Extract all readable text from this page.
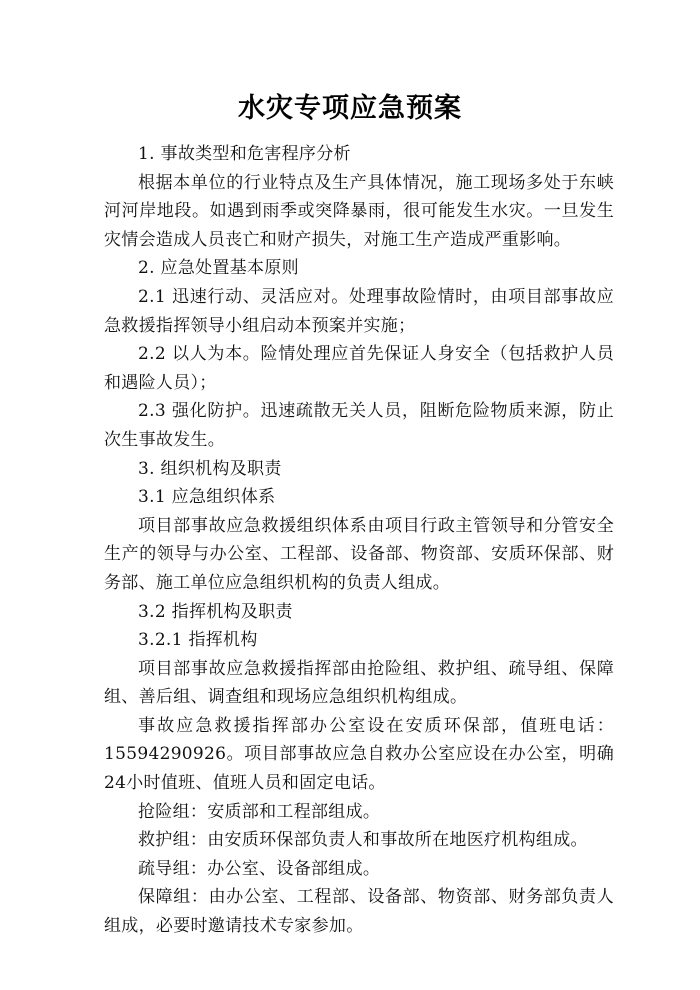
水灾专项应急预案

1. 事故类型和危害程序分析

根据本单位的行业特点及生产具体情况，施工现场多处于东峡河河岸地段。如遇到雨季或突降暴雨，很可能发生水灾。一旦发生灾情会造成人员丧亡和财产损失，对施工生产造成严重影响。

2. 应急处置基本原则

2.1 迅速行动、灵活应对。处理事故险情时，由项目部事故应急救援指挥领导小组启动本预案并实施；

2.2 以人为本。险情处理应首先保证人身安全（包括救护人员和遇险人员）；

2.3 强化防护。迅速疏散无关人员，阻断危险物质来源，防止次生事故发生。

3. 组织机构及职责

3.1 应急组织体系

项目部事故应急救援组织体系由项目行政主管领导和分管安全生产的领导与办公室、工程部、设备部、物资部、安质环保部、财务部、施工单位应急组织机构的负责人组成。

3.2 指挥机构及职责

3.2.1 指挥机构

项目部事故应急救援指挥部由抢险组、救护组、疏导组、保障组、善后组、调查组和现场应急组织机构组成。

事故应急救援指挥部办公室设在安质环保部，值班电话：15594290926。项目部事故应急自救办公室应设在办公室，明确24小时值班、值班人员和固定电话。

抢险组：安质部和工程部组成。

救护组：由安质环保部负责人和事故所在地医疗机构组成。

疏导组：办公室、设备部组成。

保障组：由办公室、工程部、设备部、物资部、财务部负责人组成，必要时邀请技术专家参加。
